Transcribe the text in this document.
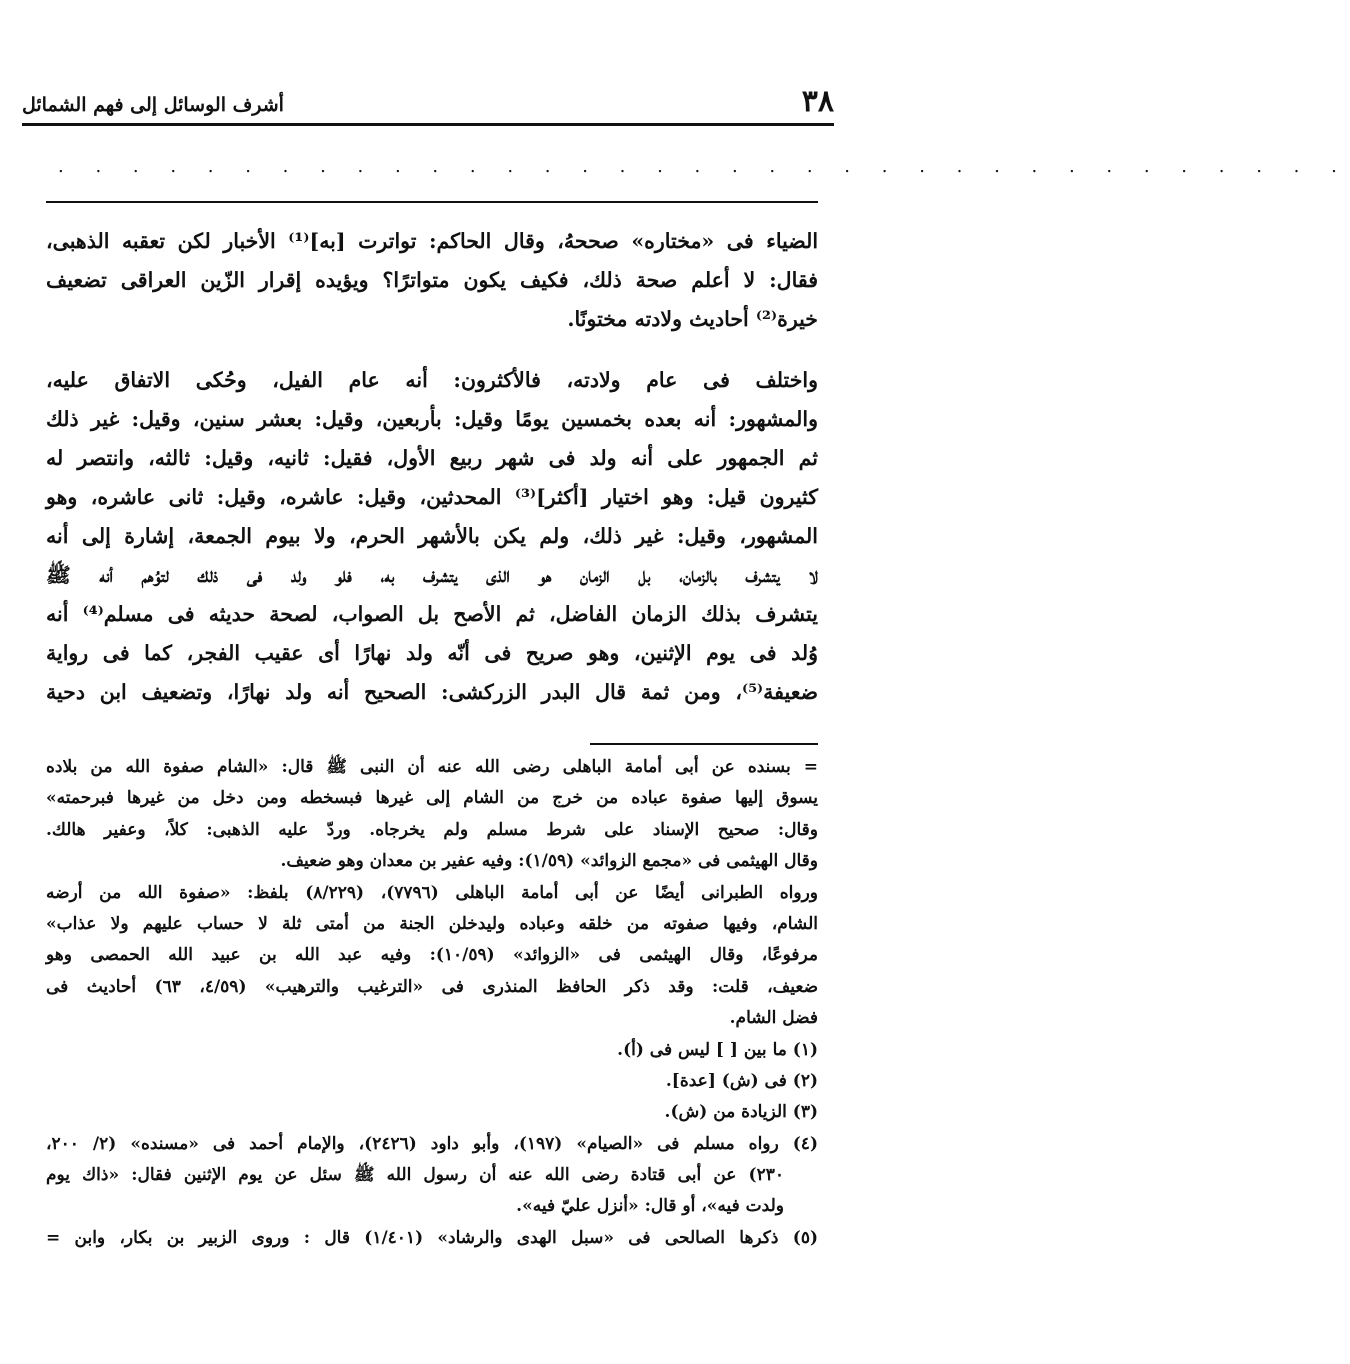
٣٨
أشرف الوسائل إلى فهم الشمائل
. . . . . . . . . . . . . . . . . . . . . . . . . . . . . . . . . . .
الضياء فى «مختاره» صححهُ، وقال الحاكم: تواترت [به]⁽¹⁾ الأخبار لكن تعقبه الذهبى،
فقال: لا أعلم صحة ذلك، فكيف يكون متواترًا؟ ويؤيده إقرار الزّين العراقى تضعيف
خيرة⁽²⁾ أحاديث ولادته مختونًا.
واختلف فى عام ولادته، فالأكثرون: أنه عام الفيل، وحُكى الاتفاق عليه،
والمشهور: أنه بعده بخمسين يومًا وقيل: بأربعين، وقيل: بعشر سنين، وقيل: غير ذلك
ثم الجمهور على أنه ولد فى شهر ربيع الأول، فقيل: ثانيه، وقيل: ثالثه، وانتصر له
كثيرون قيل: وهو اختيار [أكثر]⁽³⁾ المحدثين، وقيل: عاشره، وقيل: ثانى عاشره، وهو
المشهور، وقيل: غير ذلك، ولم يكن بالأشهر الحرم، ولا بيوم الجمعة، إشارة إلى أنه
لا يتشرف بالزمان، بل الزمان هو الذى يتشرف به، فلو ولد فى ذلك لتوُهم أنه ﷺ
يتشرف بذلك الزمان الفاضل، ثم الأصح بل الصواب، لصحة حديثه فى مسلم⁽⁴⁾ أنه
وُلد فى يوم الإثنين، وهو صريح فى أنّه ولد نهارًا أى عقيب الفجر، كما فى رواية
ضعيفة⁽⁵⁾، ومن ثمة قال البدر الزركشى: الصحيح أنه ولد نهارًا، وتضعيف ابن دحية
= بسنده عن أبى أمامة الباهلى رضى الله عنه أن النبى ﷺ قال: «الشام صفوة الله من بلاده
يسوق إليها صفوة عباده من خرج من الشام إلى غيرها فبسخطه ومن دخل من غيرها فبرحمته»
وقال: صحيح الإسناد على شرط مسلم ولم يخرجاه. وردّ عليه الذهبى: كلاً، وعفير هالك.
وقال الهيثمى فى «مجمع الزوائد» (١/٥٩): وفيه عفير بن معدان وهو ضعيف.
ورواه الطبرانى أيضًا عن أبى أمامة الباهلى (٧٧٩٦)، (٨/٢٢٩) بلفظ: «صفوة الله من أرضه
الشام، وفيها صفوته من خلقه وعباده وليدخلن الجنة من أمتى ثلة لا حساب عليهم ولا عذاب»
مرفوعًا، وقال الهيثمى فى «الزوائد» (١٠/٥٩): وفيه عبد الله بن عبيد الله الحمصى وهو
ضعيف، قلت: وقد ذكر الحافظ المنذرى فى «الترغيب والترهيب» (٤/٥٩، ٦٣) أحاديث فى
فضل الشام.
(١) ما بين [ ] ليس فى (أ).
(٢) فى (ش) [عدة].
(٣) الزيادة من (ش).
(٤) رواه مسلم فى «الصيام» (١٩٧)، وأبو داود (٢٤٢٦)، والإمام أحمد فى «مسنده» (٢/ ٢٠٠،
٢٣٠) عن أبى قتادة رضى الله عنه أن رسول الله ﷺ سئل عن يوم الإثنين فقال: «ذاك يوم
ولدت فيه»، أو قال: «أنزل عليّ فيه».
(٥) ذكرها الصالحى فى «سبل الهدى والرشاد» (١/٤٠١) قال : وروى الزبير بن بكار، وابن =
